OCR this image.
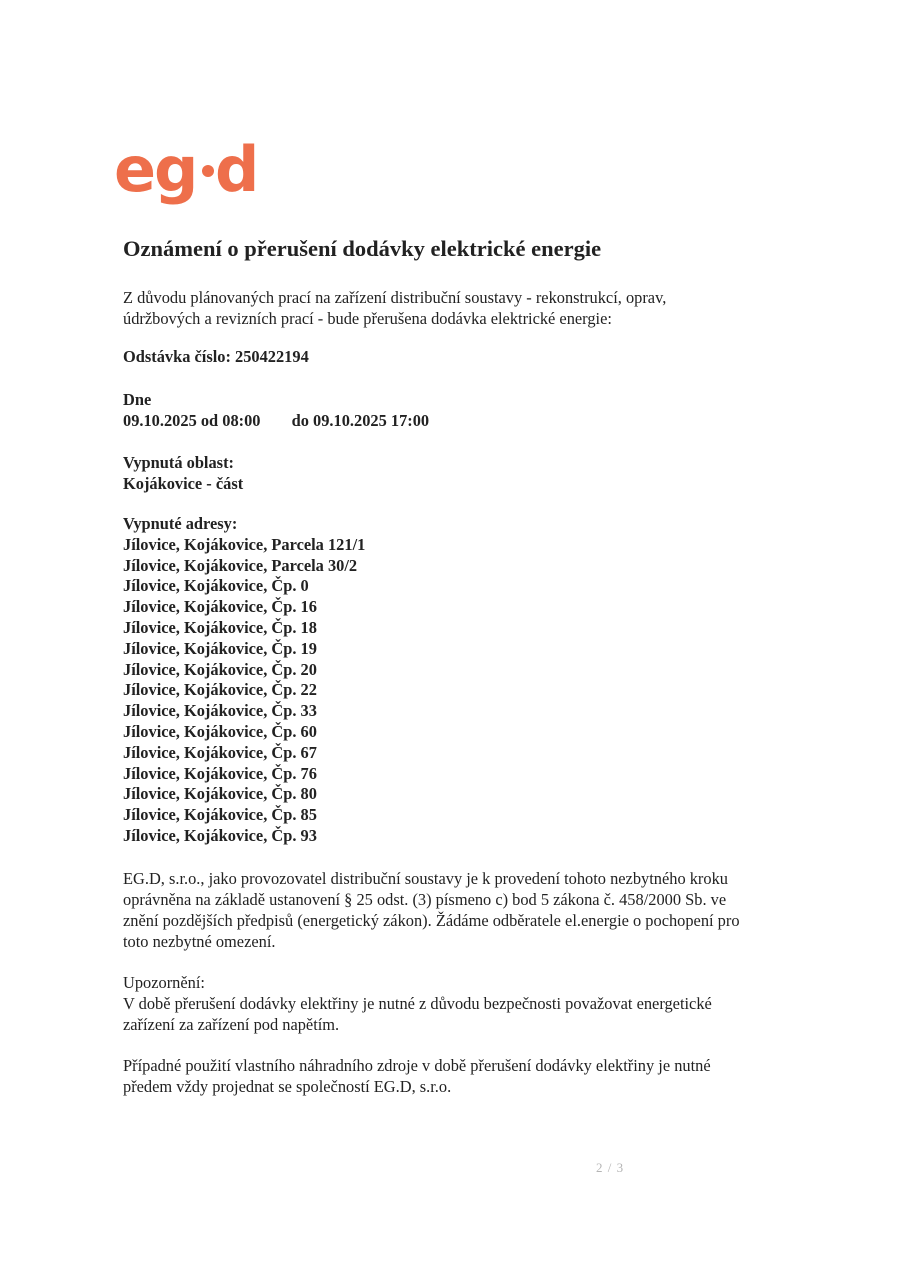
eg d
Oznámení o přerušení dodávky elektrické energie
Z důvodu plánovaných prací na zařízení distribuční soustavy - rekonstrukcí, oprav,
údržbových a revizních prací - bude přerušena dodávka elektrické energie:
Odstávka číslo: 250422194
Dne
09.10.2025 od 08:00 do 09.10.2025 17:00
Vypnutá oblast:
Kojákovice - část
Vypnuté adresy:
Jílovice, Kojákovice, Parcela 121/1
Jílovice, Kojákovice, Parcela 30/2
Jílovice, Kojákovice, Čp. 0
Jílovice, Kojákovice, Čp. 16
Jílovice, Kojákovice, Čp. 18
Jílovice, Kojákovice, Čp. 19
Jílovice, Kojákovice, Čp. 20
Jílovice, Kojákovice, Čp. 22
Jílovice, Kojákovice, Čp. 33
Jílovice, Kojákovice, Čp. 60
Jílovice, Kojákovice, Čp. 67
Jílovice, Kojákovice, Čp. 76
Jílovice, Kojákovice, Čp. 80
Jílovice, Kojákovice, Čp. 85
Jílovice, Kojákovice, Čp. 93
EG.D, s.r.o., jako provozovatel distribuční soustavy je k provedení tohoto nezbytného kroku
oprávněna na základě ustanovení § 25 odst. (3) písmeno c) bod 5 zákona č. 458/2000 Sb. ve
znění pozdějších předpisů (energetický zákon). Žádáme odběratele el.energie o pochopení pro
toto nezbytné omezení.
Upozornění:
V době přerušení dodávky elektřiny je nutné z důvodu bezpečnosti považovat energetické
zařízení za zařízení pod napětím.
Případné použití vlastního náhradního zdroje v době přerušení dodávky elektřiny je nutné
předem vždy projednat se společností EG.D, s.r.o.
2 / 3
